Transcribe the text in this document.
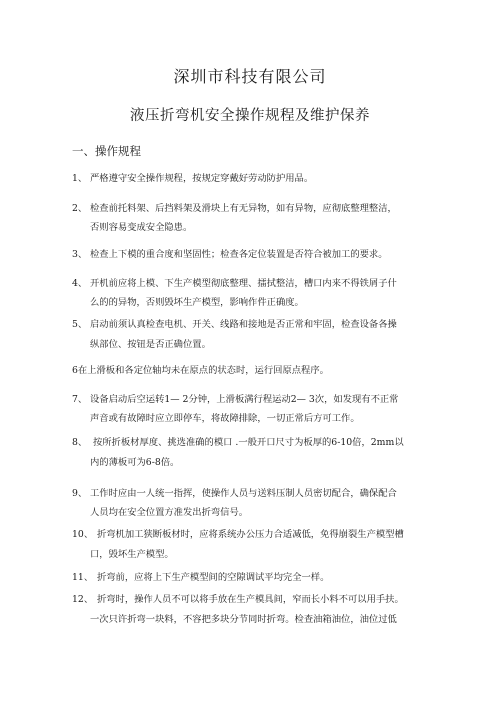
深圳市科技有限公司
液压折弯机安全操作规程及维护保养
一、操作规程
1、 严格遵守安全操作规程，按规定穿戴好劳动防护用品。
2、 检查前托料架、后挡料架及滑块上有无异物，如有异物，应彻底整理整洁，
否则容易变成安全隐患。
3、 检查上下模的重合度和坚固性；检查各定位装置是否符合被加工的要求。
4、 开机前应将上模、下生产模型彻底整理、擂拭整洁，槽口内来不得铁屑子什
么的的异物，否则毁坏生产模型，影响作件正确度。
5、 启动前须认真检查电机、开关、线路和接地是否正常和牢固，检查设备各操
纵部位、按钮是否正确位置。
6在上滑板和各定位轴均未在原点的状态时，运行回原点程序。
7、 设备启动后空运转1— 2分钟，上滑板满行程运动2— 3次，如发现有不正常
声音或有故障时应立即停车，将故障排除，一切正常后方可工作。
8、 按所折板材厚度、挑选准确的模口 .一般开口尺寸为板厚的6-10倍，2mm以
内的薄板可为6-8倍。
9、 工作时应由一人统一指挥，使操作人员与送料压制人员密切配合，确保配合
人员均在安全位置方准发出折弯信号。
10、 折弯机加工狭断板材时，应将系统办公压力合适减低，免得崩裂生产模型槽
口，毁坏生产模型。
11、 折弯前，应将上下生产模型间的空隙调试平均完全一样。
12、 折弯时，操作人员不可以将手放在生产模具间，窄而长小料不可以用手扶。
一次只许折弯一块料，不容把多块分节同时折弯。检查油箱油位，油位过低
